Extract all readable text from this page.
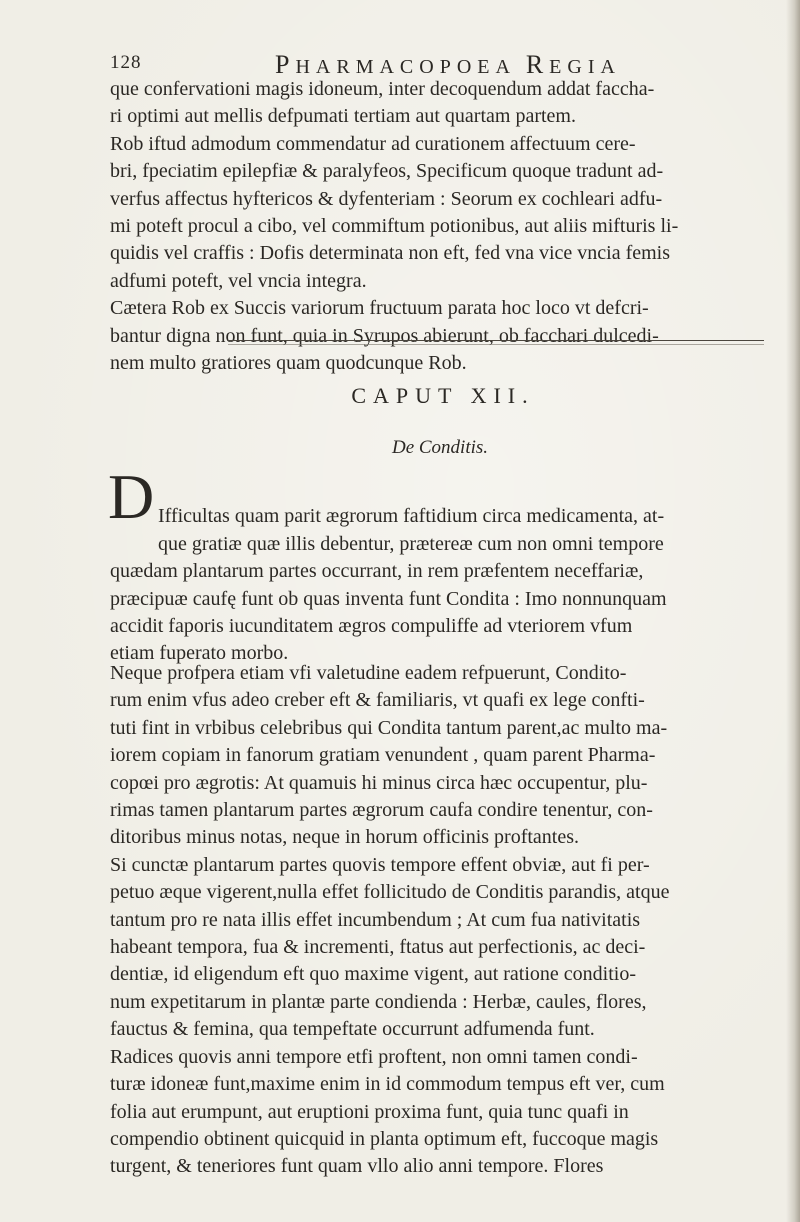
128	PHARMACOPOEA REGIA
que confervationi magis idoneum, inter decoquendum addat faccha-
ri optimi aut mellis defpumati tertiam aut quartam partem.
Rob iftud admodum commendatur ad curationem affectuum cere-
bri, fpeciatim epilepfiæ & paralyfeos, Specificum quoque tradunt ad-
verfus affectus hyftericos & dyfenteriam : Seorum ex cochleari adfu-
mi poteft procul a cibo, vel commiftum potionibus, aut aliis mifturis li-
quidis vel craffis : Dofis determinata non eft, fed vna vice vncia femis
adfumi poteft, vel vncia integra.
Cætera Rob ex Succis variorum fructuum parata hoc loco vt defcri-
bantur digna non funt, quia in Syrupos abierunt, ob facchari dulcedi-
nem multo gratiores quam quodcunque Rob.
CAPUT XII.
De Conditis.
D Ifficultas quam parit ægrorum faftidium circa medicamenta, at-
que gratiæ quæ illis debentur, prætereæ cum non omni tempore
quædam plantarum partes occurrant, in rem præfentem neceffariæ,
præcipuæ caufę funt ob quas inventa funt Condita : Imo nonnunquam
accidit faporis iucunditatem ægros compuliffe ad vteriorem vfum
etiam fuperato morbo.

Neque profpera etiam vfi valetudine eadem refpuerunt, Condito-
rum enim vfus adeo creber eft & familiaris, vt quafi ex lege confti-
tuti fint in vrbibus celebribus qui Condita tantum parent,ac multo ma-
iorem copiam in fanorum gratiam venundent , quam parent Pharma-
copœi pro ægrotis: At quamuis hi minus circa hæc occupentur, plu-
rimas tamen plantarum partes ægrorum caufa condire tenentur, con-
ditoribus minus notas, neque in horum officinis proftantes.
Si cunctæ plantarum partes quovis tempore effent obviæ, aut fi per-
petuo æque vigerent,nulla effet follicitudo de Conditis parandis, atque
tantum pro re nata illis effet incumbendum ; At cum fua nativitatis
habeant tempora, fua & incrementi, ftatus aut perfectionis, ac deci-
dentiæ, id eligendum eft quo maxime vigent, aut ratione conditio-
num expetitarum in plantæ parte condienda : Herbæ, caules, flores,
fauctus & femina, qua tempeftate occurrunt adfumenda funt.
Radices quovis anni tempore etfi proftent, non omni tamen condi-
turæ idoneæ funt,maxime enim in id commodum tempus eft ver, cum
folia aut erumpunt, aut eruptioni proxima funt, quia tunc quafi in
compendio obtinent quicquid in planta optimum eft, fuccoque magis
turgent, & teneriores funt quam vllo alio anni tempore. Flores
